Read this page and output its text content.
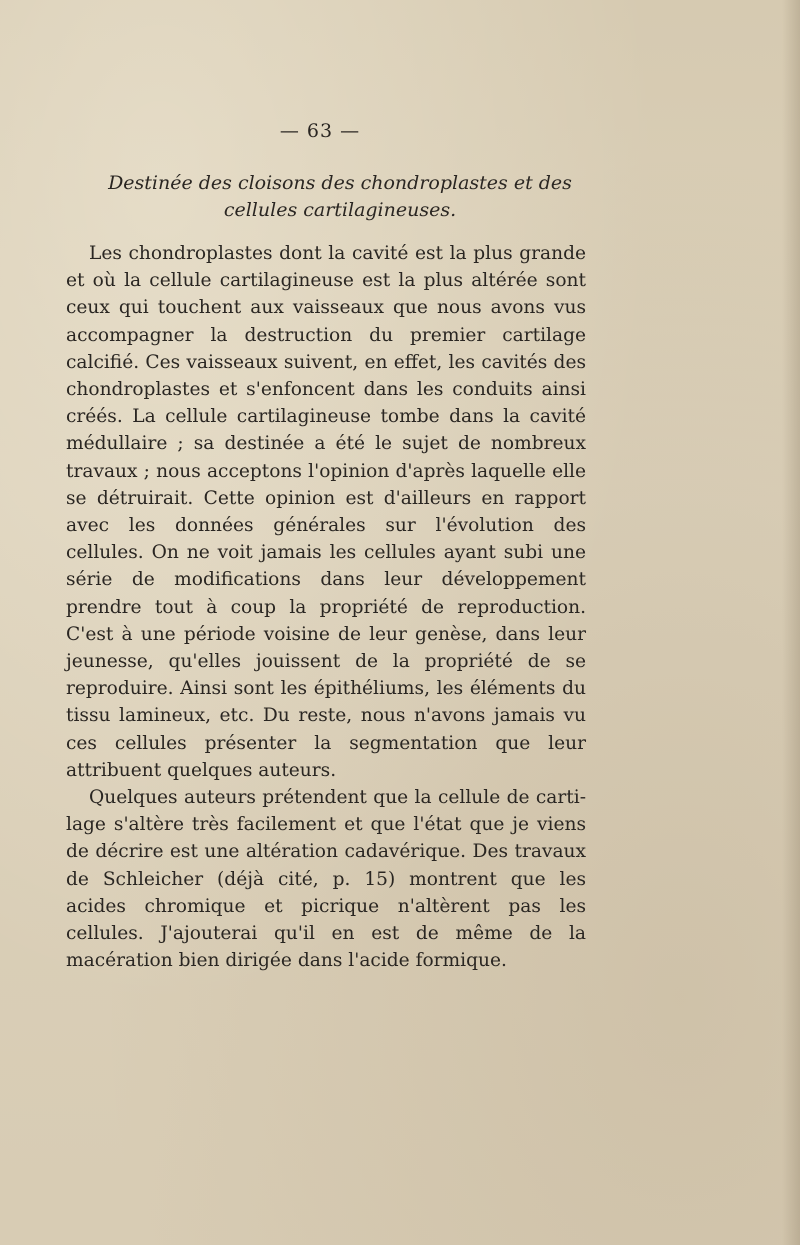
— 63 —
Destinée des cloisons des chondroplastes et des cellules cartilagineuses.

Les chondroplastes dont la cavité est la plus grande et où la cellule cartilagineuse est la plus altérée sont ceux qui touchent aux vaisseaux que nous avons vus accompagner la destruction du premier cartilage calcifié. Ces vaisseaux suivent, en effet, les cavités des chondroplastes et s'enfoncent dans les conduits ainsi créés. La cellule cartilagineuse tombe dans la cavité médullaire ; sa destinée a été le sujet de nombreux travaux ; nous acceptons l'opinion d'après laquelle elle se détruirait. Cette opinion est d'ailleurs en rapport avec les données générales sur l'évolution des cellules. On ne voit jamais les cellules ayant subi une série de modifications dans leur développement prendre tout à coup la propriété de reproduction. C'est à une période voisine de leur genèse, dans leur jeunesse, qu'elles jouissent de la propriété de se reproduire. Ainsi sont les épithéliums, les éléments du tissu lamineux, etc. Du reste, nous n'avons jamais vu ces cellules présenter la segmentation que leur attribuent quelques auteurs.

Quelques auteurs prétendent que la cellule de cartilage s'altère très facilement et que l'état que je viens de décrire est une altération cadavérique. Des travaux de Schleicher (déjà cité, p. 15) montrent que les acides chromique et picrique n'altèrent pas les cellules. J'ajouterai qu'il en est de même de la macération bien dirigée dans l'acide formique.
